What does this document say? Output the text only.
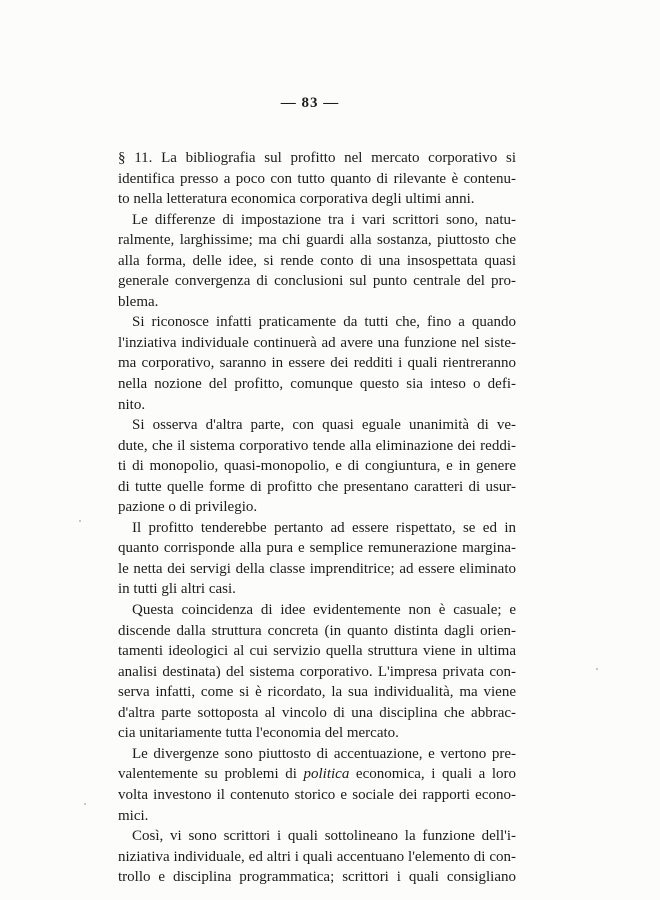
— 83 —
§ 11. La bibliografia sul profitto nel mercato corporativo si
identifica presso a poco con tutto quanto di rilevante è contenu-
to nella letteratura economica corporativa degli ultimi anni.
Le differenze di impostazione tra i vari scrittori sono, natu-
ralmente, larghissime; ma chi guardi alla sostanza, piuttosto che
alla forma, delle idee, si rende conto di una insospettata quasi
generale convergenza di conclusioni sul punto centrale del pro-
blema.
Si riconosce infatti praticamente da tutti che, fino a quando
l'inziativa individuale continuerà ad avere una funzione nel siste-
ma corporativo, saranno in essere dei redditi i quali rientreranno
nella nozione del profitto, comunque questo sia inteso o defi-
nito.
Si osserva d'altra parte, con quasi eguale unanimità di ve-
dute, che il sistema corporativo tende alla eliminazione dei reddi-
ti di monopolio, quasi-monopolio, e di congiuntura, e in genere
di tutte quelle forme di profitto che presentano caratteri di usur-
pazione o di privilegio.
Il profitto tenderebbe pertanto ad essere rispettato, se ed in
quanto corrisponde alla pura e semplice remunerazione margina-
le netta dei servigi della classe imprenditrice; ad essere eliminato
in tutti gli altri casi.
Questa coincidenza di idee evidentemente non è casuale; e
discende dalla struttura concreta (in quanto distinta dagli orien-
tamenti ideologici al cui servizio quella struttura viene in ultima
analisi destinata) del sistema corporativo. L'impresa privata con-
serva infatti, come si è ricordato, la sua individualità, ma viene
d'altra parte sottoposta al vincolo di una disciplina che abbrac-
cia unitariamente tutta l'economia del mercato.
Le divergenze sono piuttosto di accentuazione, e vertono pre-
valentemente su problemi di politica economica, i quali a loro
volta investono il contenuto storico e sociale dei rapporti econo-
mici.
Così, vi sono scrittori i quali sottolineano la funzione dell'i-
niziativa individuale, ed altri i quali accentuano l'elemento di con-
trollo e disciplina programmatica; scrittori i quali consigliano
